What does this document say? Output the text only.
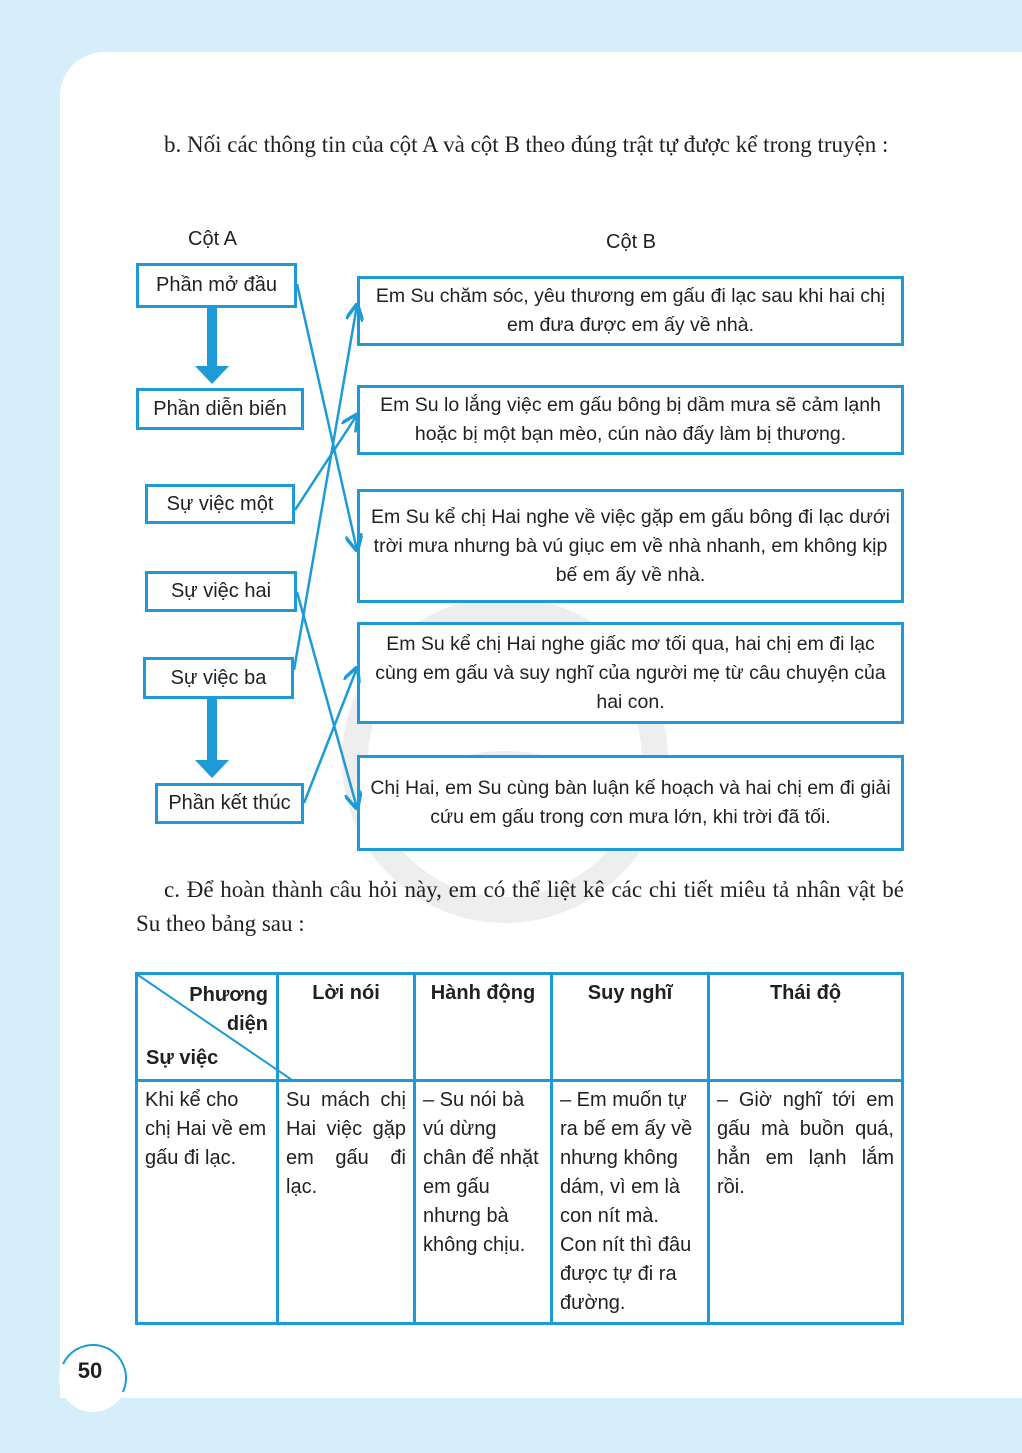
b. Nối các thông tin của cột A và cột B theo đúng trật tự được kể trong truyện :
Cột A	Cột B
Phần mở đầu
Phần diễn biến
Sự việc một
Sự việc hai
Sự việc ba
Phần kết thúc
Em Su chăm sóc, yêu thương em gấu đi lạc sau khi hai chị em đưa được em ấy về nhà.
Em Su lo lắng việc em gấu bông bị dầm mưa sẽ cảm lạnh hoặc bị một bạn mèo, cún nào đấy làm bị thương.
Em Su kể chị Hai nghe về việc gặp em gấu bông đi lạc dưới trời mưa nhưng bà vú giục em về nhà nhanh, em không kịp bế em ấy về nhà.
Em Su kể chị Hai nghe giấc mơ tối qua, hai chị em đi lạc cùng em gấu và suy nghĩ của người mẹ từ câu chuyện của hai con.
Chị Hai, em Su cùng bàn luận kế hoạch và hai chị em đi giải cứu em gấu trong cơn mưa lớn, khi trời đã tối.
c. Để hoàn thành câu hỏi này, em có thể liệt kê các chi tiết miêu tả nhân vật bé Su theo bảng sau :
Phương diện
Sự việc	Lời nói	Hành động	Suy nghĩ	Thái độ
Khi kể cho chị Hai về em gấu đi lạc.	Su mách chị Hai việc gặp em gấu đi lạc.	– Su nói bà vú dừng chân để nhặt em gấu nhưng bà không chịu.	– Em muốn tự ra bế em ấy về nhưng không dám, vì em là con nít mà. Con nít thì đâu được tự đi ra đường.	– Giờ nghĩ tới em gấu mà buồn quá, hẳn em lạnh lắm rồi.
50
